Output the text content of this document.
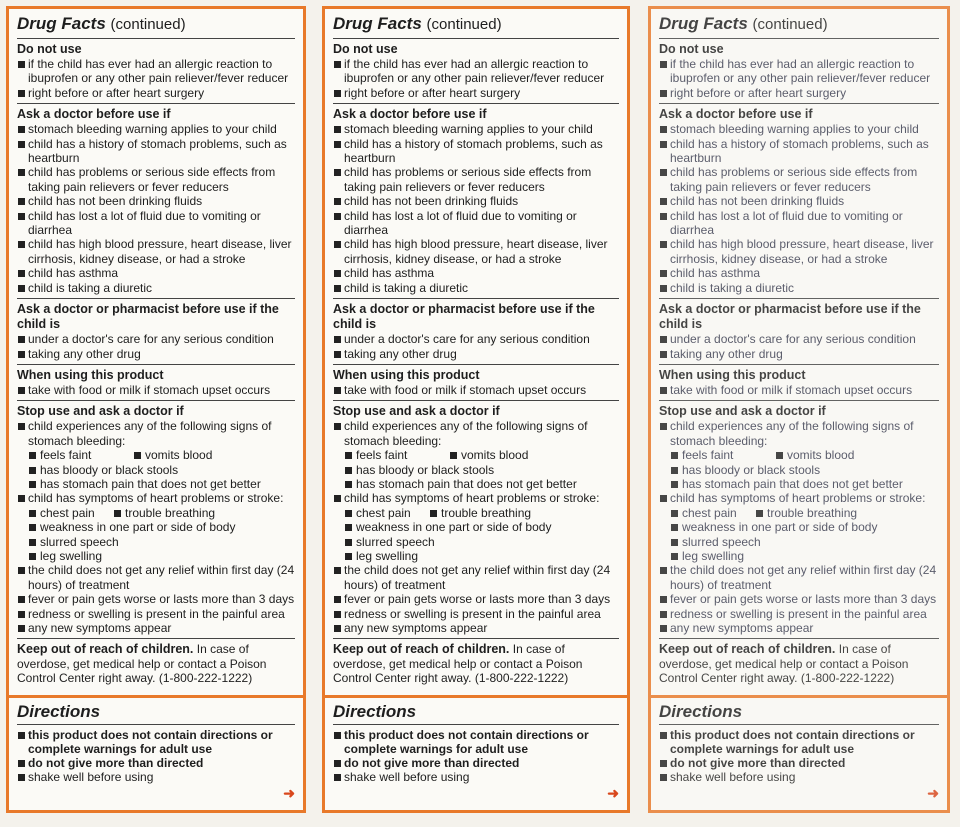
Drug Facts (continued)
Do not use
if the child has ever had an allergic reaction to ibuprofen or any other pain reliever/fever reducer
right before or after heart surgery
Ask a doctor before use if
stomach bleeding warning applies to your child
child has a history of stomach problems, such as heartburn
child has problems or serious side effects from taking pain relievers or fever reducers
child has not been drinking fluids
child has lost a lot of fluid due to vomiting or diarrhea
child has high blood pressure, heart disease, liver cirrhosis, kidney disease, or had a stroke
child has asthma
child is taking a diuretic
Ask a doctor or pharmacist before use if the child is
under a doctor's care for any serious condition
taking any other drug
When using this product
take with food or milk if stomach upset occurs
Stop use and ask a doctor if
child experiences any of the following signs of stomach bleeding:
feels faint	vomits blood
has bloody or black stools
has stomach pain that does not get better
child has symptoms of heart problems or stroke:
chest pain	trouble breathing
weakness in one part or side of body
slurred speech
leg swelling
the child does not get any relief within first day (24 hours) of treatment
fever or pain gets worse or lasts more than 3 days
redness or swelling is present in the painful area
any new symptoms appear
Keep out of reach of children. In case of overdose, get medical help or contact a Poison Control Center right away. (1-800-222-1222)
Directions
this product does not contain directions or complete warnings for adult use
do not give more than directed
shake well before using
➜
Drug Facts (continued)
Do not use
if the child has ever had an allergic reaction to ibuprofen or any other pain reliever/fever reducer
right before or after heart surgery
Ask a doctor before use if
stomach bleeding warning applies to your child
child has a history of stomach problems, such as heartburn
child has problems or serious side effects from taking pain relievers or fever reducers
child has not been drinking fluids
child has lost a lot of fluid due to vomiting or diarrhea
child has high blood pressure, heart disease, liver cirrhosis, kidney disease, or had a stroke
child has asthma
child is taking a diuretic
Ask a doctor or pharmacist before use if the child is
under a doctor's care for any serious condition
taking any other drug
When using this product
take with food or milk if stomach upset occurs
Stop use and ask a doctor if
child experiences any of the following signs of stomach bleeding:
feels faint	vomits blood
has bloody or black stools
has stomach pain that does not get better
child has symptoms of heart problems or stroke:
chest pain	trouble breathing
weakness in one part or side of body
slurred speech
leg swelling
the child does not get any relief within first day (24 hours) of treatment
fever or pain gets worse or lasts more than 3 days
redness or swelling is present in the painful area
any new symptoms appear
Keep out of reach of children. In case of overdose, get medical help or contact a Poison Control Center right away. (1-800-222-1222)
Directions
this product does not contain directions or complete warnings for adult use
do not give more than directed
shake well before using
➜
Drug Facts (continued)
Do not use
if the child has ever had an allergic reaction to ibuprofen or any other pain reliever/fever reducer
right before or after heart surgery
Ask a doctor before use if
stomach bleeding warning applies to your child
child has a history of stomach problems, such as heartburn
child has problems or serious side effects from taking pain relievers or fever reducers
child has not been drinking fluids
child has lost a lot of fluid due to vomiting or diarrhea
child has high blood pressure, heart disease, liver cirrhosis, kidney disease, or had a stroke
child has asthma
child is taking a diuretic
Ask a doctor or pharmacist before use if the child is
under a doctor's care for any serious condition
taking any other drug
When using this product
take with food or milk if stomach upset occurs
Stop use and ask a doctor if
child experiences any of the following signs of stomach bleeding:
feels faint	vomits blood
has bloody or black stools
has stomach pain that does not get better
child has symptoms of heart problems or stroke:
chest pain	trouble breathing
weakness in one part or side of body
slurred speech
leg swelling
the child does not get any relief within first day (24 hours) of treatment
fever or pain gets worse or lasts more than 3 days
redness or swelling is present in the painful area
any new symptoms appear
Keep out of reach of children. In case of overdose, get medical help or contact a Poison Control Center right away. (1-800-222-1222)
Directions
this product does not contain directions or complete warnings for adult use
do not give more than directed
shake well before using
➜
